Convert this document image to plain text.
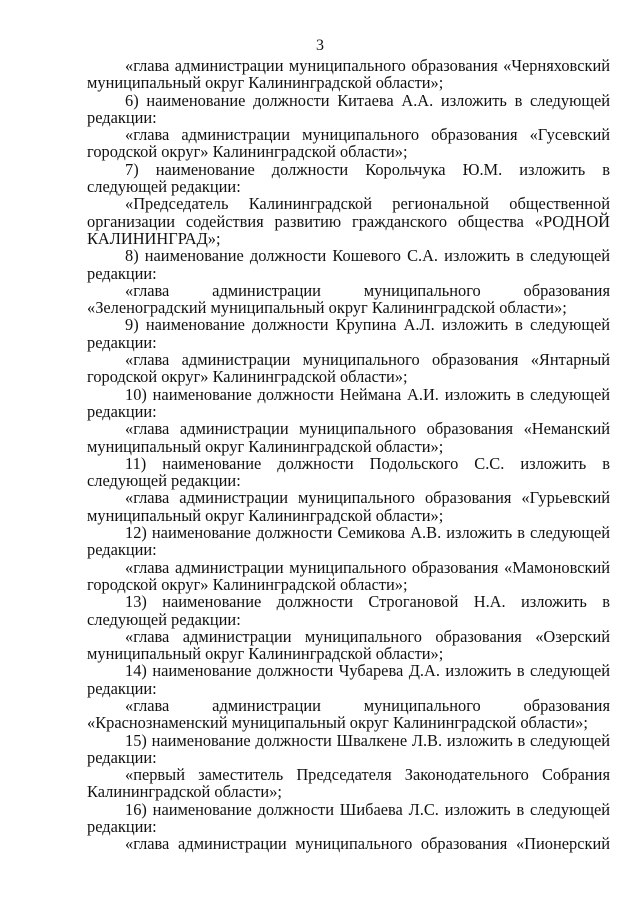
3

«глава администрации муниципального образования «Черняховский муниципальный округ Калининградской области»;

6) наименование должности Китаева А.А. изложить в следующей редакции:

«глава администрации муниципального образования «Гусевский городской округ» Калининградской области»;

7) наименование должности Корольчука Ю.М. изложить в следующей редакции:

«Председатель Калининградской региональной общественной организации содействия развитию гражданского общества «РОДНОЙ КАЛИНИНГРАД»;

8) наименование должности Кошевого С.А. изложить в следующей редакции:

«глава администрации муниципального образования «Зеленоградский муниципальный округ Калининградской области»;

9) наименование должности Крупина А.Л. изложить в следующей редакции:

«глава администрации муниципального образования «Янтарный городской округ» Калининградской области»;

10) наименование должности Неймана А.И. изложить в следующей редакции:

«глава администрации муниципального образования «Неманский муниципальный округ Калининградской области»;

11) наименование должности Подольского С.С. изложить в следующей редакции:

«глава администрации муниципального образования «Гурьевский муниципальный округ Калининградской области»;

12) наименование должности Семикова А.В. изложить в следующей редакции:

«глава администрации муниципального образования «Мамоновский городской округ» Калининградской области»;

13) наименование должности Строгановой Н.А. изложить в следующей редакции:

«глава администрации муниципального образования «Озерский муниципальный округ Калининградской области»;

14) наименование должности Чубарева Д.А. изложить в следующей редакции:

«глава администрации муниципального образования «Краснознаменский муниципальный округ Калининградской области»;

15) наименование должности Швалкене Л.В. изложить в следующей редакции:

«первый заместитель Председателя Законодательного Собрания Калининградской области»;

16) наименование должности Шибаева Л.С. изложить в следующей редакции:

«глава администрации муниципального образования «Пионерский
